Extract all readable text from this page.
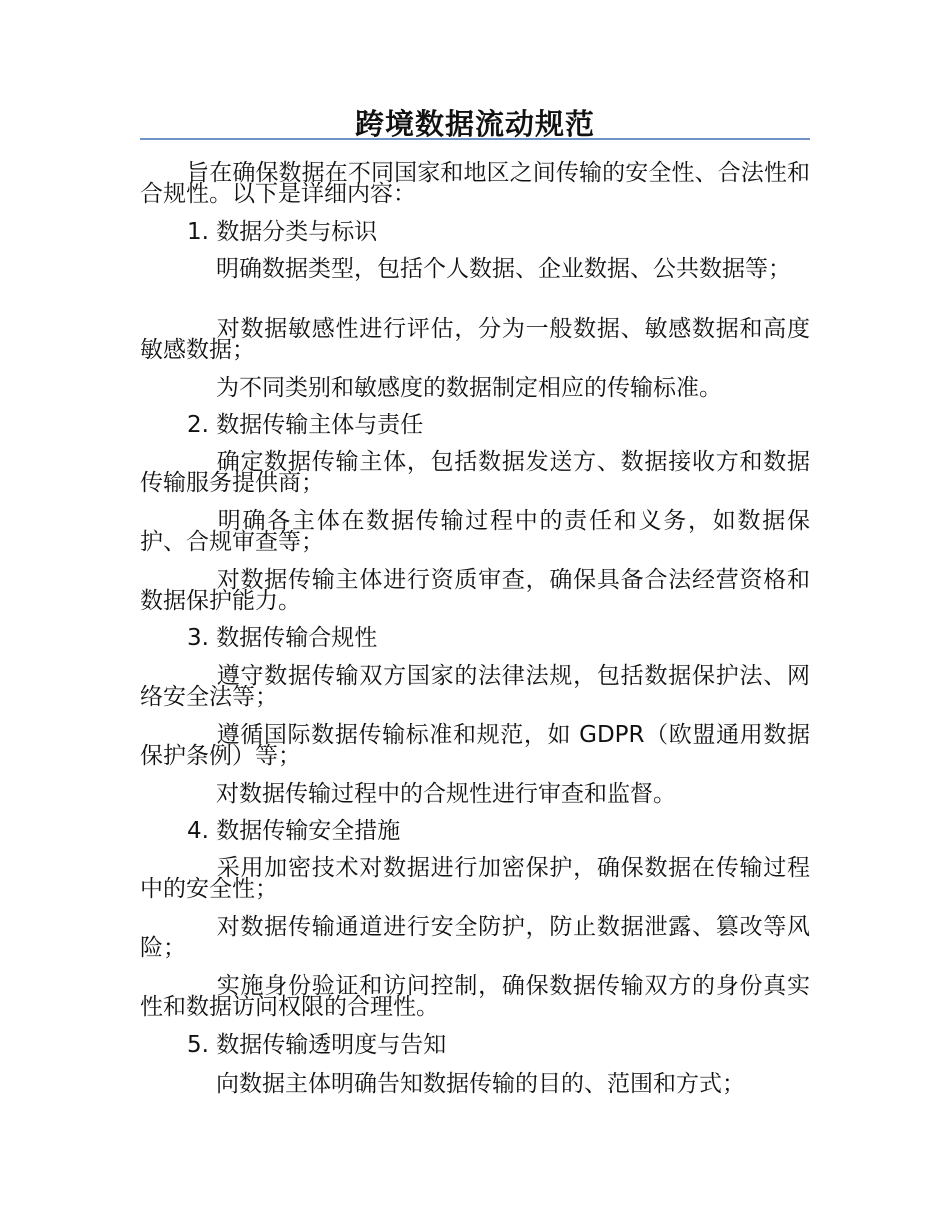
跨境数据流动规范

旨在确保数据在不同国家和地区之间传输的安全性、合法性和合规性。以下是详细内容：

1. 数据分类与标识

明确数据类型，包括个人数据、企业数据、公共数据等；

对数据敏感性进行评估，分为一般数据、敏感数据和高度敏感数据；

为不同类别和敏感度的数据制定相应的传输标准。

2. 数据传输主体与责任

确定数据传输主体，包括数据发送方、数据接收方和数据传输服务提供商；

明确各主体在数据传输过程中的责任和义务，如数据保护、合规审查等；

对数据传输主体进行资质审查，确保具备合法经营资格和数据保护能力。

3. 数据传输合规性

遵守数据传输双方国家的法律法规，包括数据保护法、网络安全法等；

遵循国际数据传输标准和规范，如 GDPR（欧盟通用数据保护条例）等；

对数据传输过程中的合规性进行审查和监督。

4. 数据传输安全措施

采用加密技术对数据进行加密保护，确保数据在传输过程中的安全性；

对数据传输通道进行安全防护，防止数据泄露、篡改等风险；

实施身份验证和访问控制，确保数据传输双方的身份真实性和数据访问权限的合理性。

5. 数据传输透明度与告知

向数据主体明确告知数据传输的目的、范围和方式；
